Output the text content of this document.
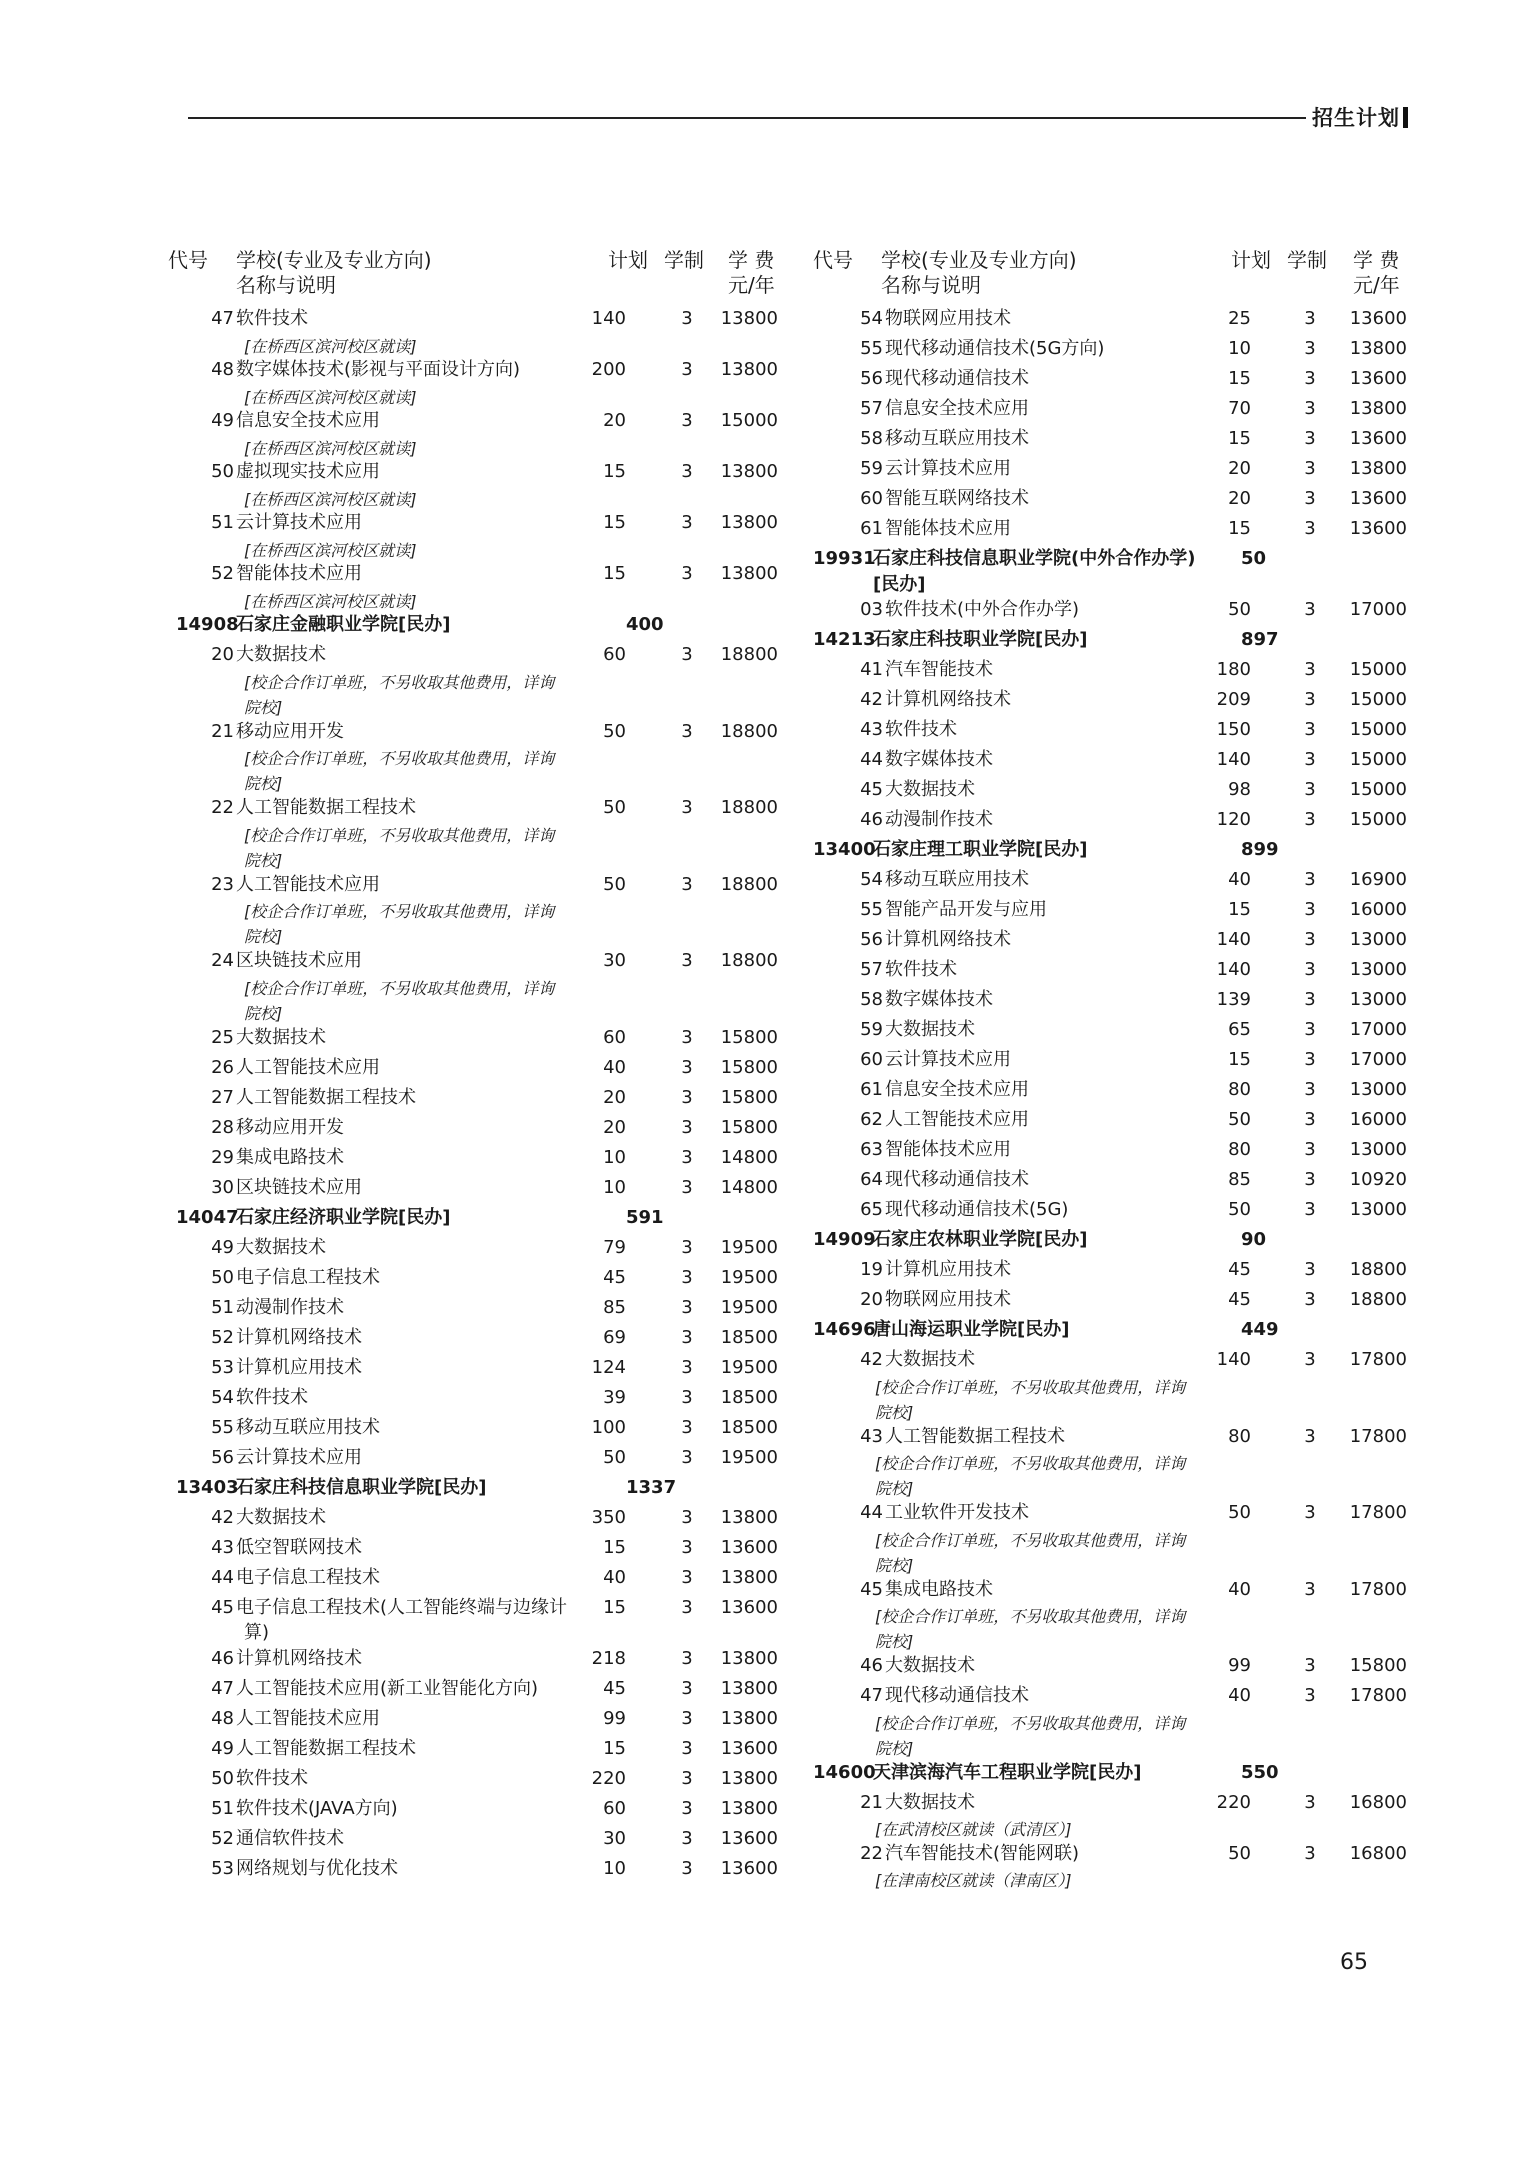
招生计划
代号 学校(专业及专业方向)
名称与说明
计划 学制 学 费
元/年
47 软件技术	140	3	13800
[在桥西区滨河校区就读]
48 数字媒体技术(影视与平面设计方向)	200	3	13800
[在桥西区滨河校区就读]
49 信息安全技术应用	20	3	15000
[在桥西区滨河校区就读]
50 虚拟现实技术应用	15	3	13800
[在桥西区滨河校区就读]
51 云计算技术应用	15	3	13800
[在桥西区滨河校区就读]
52 智能体技术应用	15	3	13800
[在桥西区滨河校区就读]
14908
石家庄金融职业学院[民办]	400
20 大数据技术	60	3	18800
[校企合作订单班，不另收取其他费用，详询
院校]
21 移动应用开发	50	3	18800
[校企合作订单班，不另收取其他费用，详询
院校]
22 人工智能数据工程技术	50	3	18800
[校企合作订单班，不另收取其他费用，详询
院校]
23 人工智能技术应用	50	3	18800
[校企合作订单班，不另收取其他费用，详询
院校]
24 区块链技术应用	30	3	18800
[校企合作订单班，不另收取其他费用，详询
院校]
25 大数据技术	60	3	15800
26 人工智能技术应用	40	3	15800
27 人工智能数据工程技术	20	3	15800
28 移动应用开发	20	3	15800
29 集成电路技术	10	3	14800
30 区块链技术应用	10	3	14800
14047
石家庄经济职业学院[民办]	591
49 大数据技术	79	3	19500
50 电子信息工程技术	45	3	19500
51 动漫制作技术	85	3	19500
52 计算机网络技术	69	3	18500
53 计算机应用技术	124	3	19500
54 软件技术	39	3	18500
55 移动互联应用技术	100	3	18500
56 云计算技术应用	50	3	19500
13403
石家庄科技信息职业学院[民办]	1337
42 大数据技术	350	3	13800
43 低空智联网技术	15	3	13600
44 电子信息工程技术	40	3	13800
45 电子信息工程技术(人工智能终端与边缘计	15	3	13600
算)
46 计算机网络技术	218	3	13800
47 人工智能技术应用(新工业智能化方向)	45	3	13800
48 人工智能技术应用	99	3	13800
49 人工智能数据工程技术	15	3	13600
50 软件技术	220	3	13800
51 软件技术(JAVA方向)	60	3	13800
52 通信软件技术	30	3	13600
53 网络规划与优化技术	10	3	13600
代号 学校(专业及专业方向)
名称与说明
计划 学制 学 费
元/年
54 物联网应用技术	25	3	13600
55 现代移动通信技术(5G方向)	10	3	13800
56 现代移动通信技术	15	3	13600
57 信息安全技术应用	70	3	13800
58 移动互联应用技术	15	3	13600
59 云计算技术应用	20	3	13800
60 智能互联网络技术	20	3	13600
61 智能体技术应用	15	3	13600
19931
石家庄科技信息职业学院(中外合作办学)
[民办]
50
03 软件技术(中外合作办学)	50	3	17000
14213
石家庄科技职业学院[民办]	897
41 汽车智能技术	180	3	15000
42 计算机网络技术	209	3	15000
43 软件技术	150	3	15000
44 数字媒体技术	140	3	15000
45 大数据技术	98	3	15000
46 动漫制作技术	120	3	15000
13400
石家庄理工职业学院[民办]	899
54 移动互联应用技术	40	3	16900
55 智能产品开发与应用	15	3	16000
56 计算机网络技术	140	3	13000
57 软件技术	140	3	13000
58 数字媒体技术	139	3	13000
59 大数据技术	65	3	17000
60 云计算技术应用	15	3	17000
61 信息安全技术应用	80	3	13000
62 人工智能技术应用	50	3	16000
63 智能体技术应用	80	3	13000
64 现代移动通信技术	85	3	10920
65 现代移动通信技术(5G)	50	3	13000
14909
石家庄农林职业学院[民办]	90
19 计算机应用技术	45	3	18800
20 物联网应用技术	45	3	18800
14696
唐山海运职业学院[民办]	449
42 大数据技术	140	3	17800
[校企合作订单班，不另收取其他费用，详询
院校]
43 人工智能数据工程技术	80	3	17800
[校企合作订单班，不另收取其他费用，详询
院校]
44 工业软件开发技术	50	3	17800
[校企合作订单班，不另收取其他费用，详询
院校]
45 集成电路技术	40	3	17800
[校企合作订单班，不另收取其他费用，详询
院校]
46 大数据技术	99	3	15800
47 现代移动通信技术	40	3	17800
[校企合作订单班，不另收取其他费用，详询
院校]
14600
天津滨海汽车工程职业学院[民办]	550
21 大数据技术	220	3	16800
[在武清校区就读（武清区）]
22 汽车智能技术(智能网联)	50	3	16800
[在津南校区就读（津南区）]
65
